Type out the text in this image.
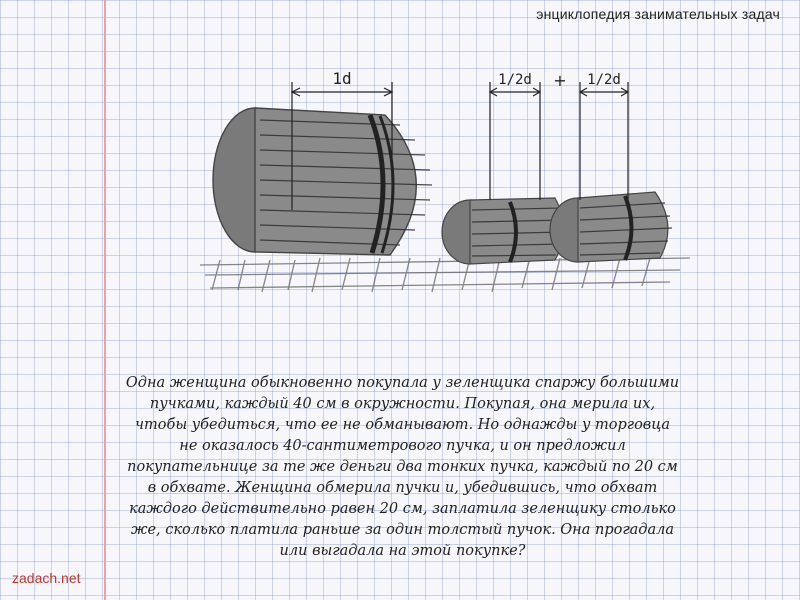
энциклопедия занимательных задач
1d	1/2d + 1/2d
Одна женщина обыкновенно покупала у зеленщика спаржу большими пучками, каждый 40 см в окружности. Покупая, она мерила их, чтобы убедиться, что ее не обманывают. Но однажды у торговца не оказалось 40-сантиметрового пучка, и он предложил покупательнице за те же деньги два тонких пучка, каждый по 20 см в обхвате. Женщина обмерила пучки и, убедившись, что обхват каждого действительно равен 20 см, заплатила зеленщику столько же, сколько платила раньше за один толстый пучок. Она прогадала или выгадала на этой покупке?
zadach.net
